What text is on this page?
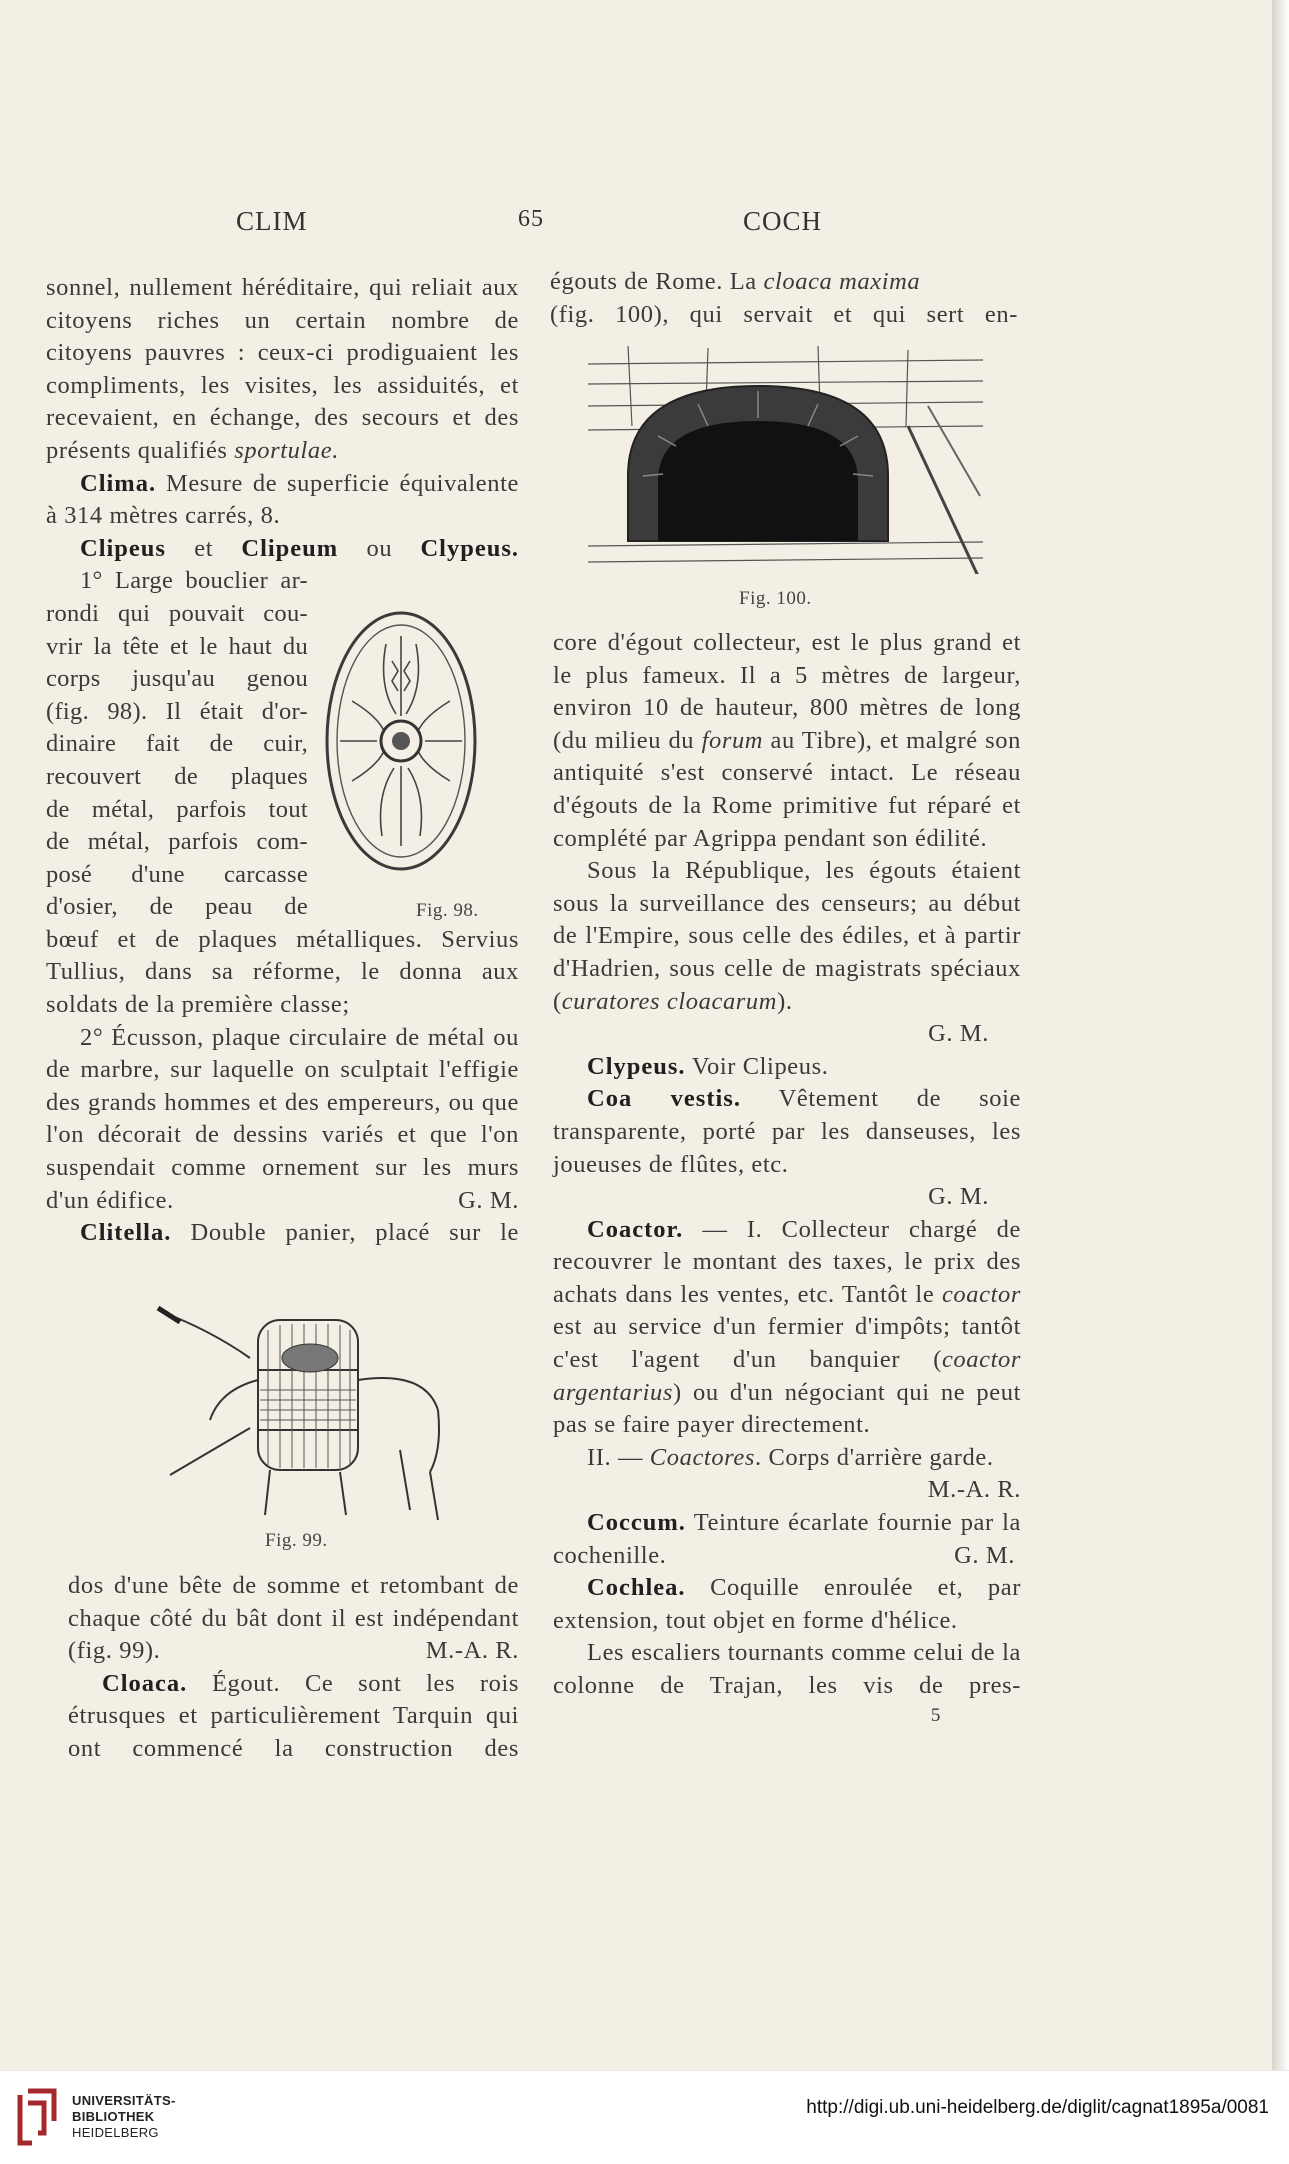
CLIM	65	COCH

sonnel, nullement héréditaire, qui reliait aux citoyens riches un certain nombre de citoyens pauvres : ceux-ci prodiguaient les compliments, les visites, les assiduités, et recevaient, en échange, des secours et des présents qualifiés sportulae.

Clima. Mesure de superficie équivalente à 314 mètres carrés, 8.

Clipeus et Clipeum ou Clypeus.

1° Large bouclier ar-

rondi qui pouvait cou-

vrir la tête et le haut du

corps jusqu'au genou

(fig. 98). Il était d'or-

dinaire fait de cuir,

recouvert de plaques

de métal, parfois tout

de métal, parfois com-

posé d'une carcasse

d'osier, de peau de

bœuf et de plaques métalliques. Servius Tullius, dans sa réforme, le donna aux soldats de la première classe;

2° Écusson, plaque circulaire de métal ou de marbre, sur laquelle on sculptait l'effigie des grands hommes et des empereurs, ou que l'on décorait de dessins variés et que l'on suspendait comme ornement sur les murs d'un édifice.	G. M.

Clitella. Double panier, placé sur le

Fig. 98.
Fig. 99.

dos d'une bête de somme et retombant de chaque côté du bât dont il est indépendant (fig. 99).	M.-A. R.

Cloaca. Égout. Ce sont les rois étrusques et particulièrement Tarquin qui ont commencé la construction des

égouts de Rome. La cloaca maxima

(fig. 100), qui servait et qui sert en-

Fig. 100.

core d'égout collecteur, est le plus grand et le plus fameux. Il a 5 mètres de largeur, environ 10 de hauteur, 800 mètres de long (du milieu du forum au Tibre), et malgré son antiquité s'est conservé intact. Le réseau d'égouts de la Rome primitive fut réparé et complété par Agrippa pendant son édilité.

Sous la République, les égouts étaient sous la surveillance des censeurs; au début de l'Empire, sous celle des édiles, et à partir d'Hadrien, sous celle de magistrats spéciaux (curatores cloacarum).

G. M.

Clypeus. Voir Clipeus.

Coa vestis. Vêtement de soie transparente, porté par les danseuses, les joueuses de flûtes, etc.

G. M.

Coactor. — I. Collecteur chargé de recouvrer le montant des taxes, le prix des achats dans les ventes, etc. Tantôt le coactor est au service d'un fermier d'impôts; tantôt c'est l'agent d'un banquier (coactor argentarius) ou d'un négociant qui ne peut pas se faire payer directement.

II. — Coactores. Corps d'arrière garde.

M.-A. R.

Coccum. Teinture écarlate fournie par la cochenille.	G. M.

Cochlea. Coquille enroulée et, par extension, tout objet en forme d'hélice.

Les escaliers tournants comme celui de la colonne de Trajan, les vis de pres-

5

UNIVERSITÄTS-
BIBLIOTHEK
HEIDELBERG
http://digi.ub.uni-heidelberg.de/diglit/cagnat1895a/0081
